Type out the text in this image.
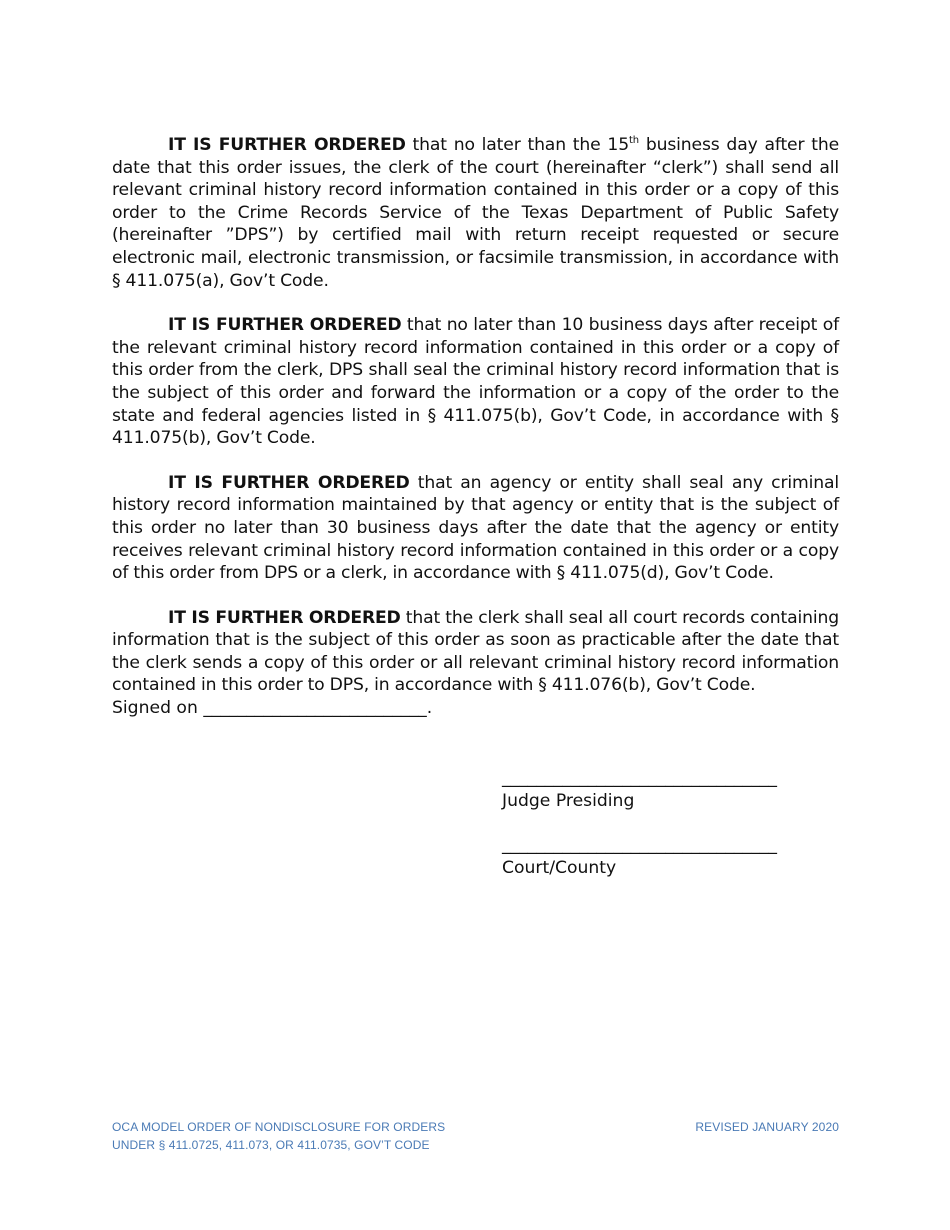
IT IS FURTHER ORDERED that no later than the 15th business day after the date that this order issues, the clerk of the court (hereinafter “clerk”) shall send all relevant criminal history record information contained in this order or a copy of this order to the Crime Records Service of the Texas Department of Public Safety (hereinafter ”DPS”) by certified mail with return receipt requested or secure electronic mail, electronic transmission, or facsimile transmission, in accordance with § 411.075(a), Gov’t Code.

IT IS FURTHER ORDERED that no later than 10 business days after receipt of the relevant criminal history record information contained in this order or a copy of this order from the clerk, DPS shall seal the criminal history record information that is the subject of this order and forward the information or a copy of the order to the state and federal agencies listed in § 411.075(b), Gov’t Code, in accordance with § 411.075(b), Gov’t Code.

IT IS FURTHER ORDERED that an agency or entity shall seal any criminal history record information maintained by that agency or entity that is the subject of this order no later than 30 business days after the date that the agency or entity receives relevant criminal history record information contained in this order or a copy of this order from DPS or a clerk, in accordance with § 411.075(d), Gov’t Code.

IT IS FURTHER ORDERED that the clerk shall seal all court records containing information that is the subject of this order as soon as practicable after the date that the clerk sends a copy of this order or all relevant criminal history record information contained in this order to DPS, in accordance with § 411.076(b), Gov’t Code.

Signed on __________________________.
________________________________
Judge Presiding
________________________________
Court/County
OCA MODEL ORDER OF NONDISCLOSURE FOR ORDERS
UNDER § 411.0725, 411.073, OR 411.0735, GOV’T CODE
REVISED JANUARY 2020
